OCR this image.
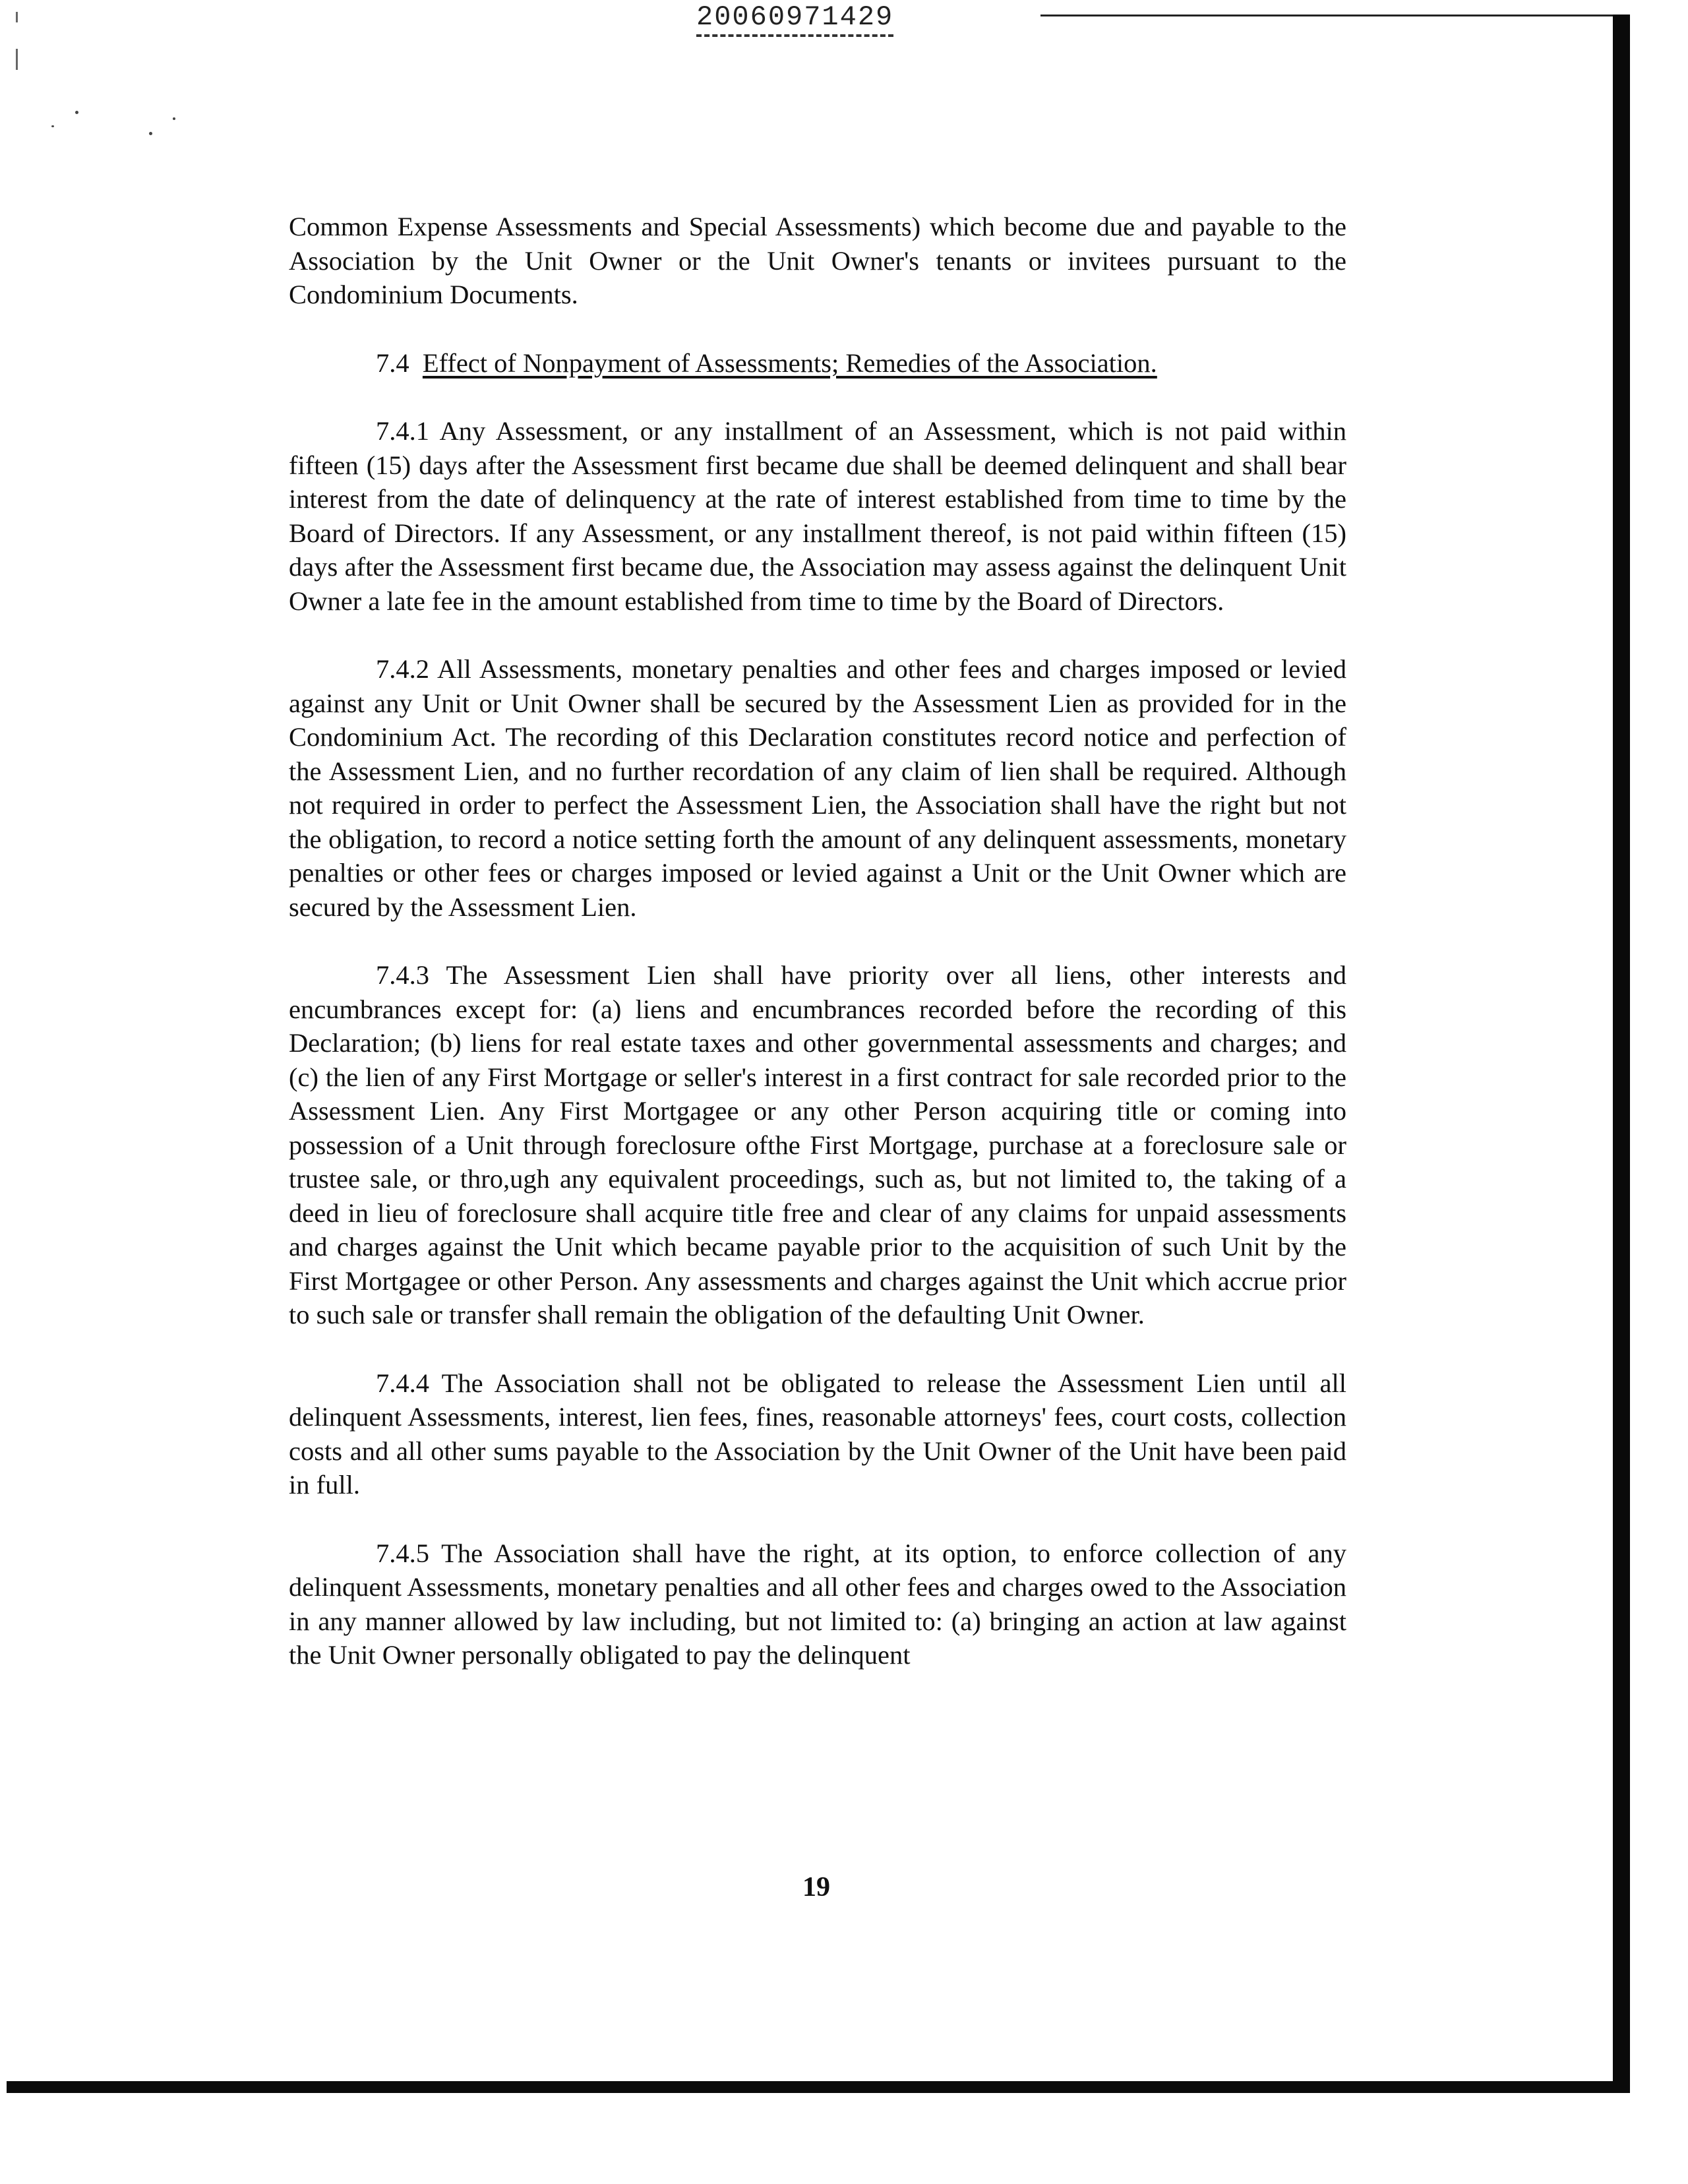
20060971429

Common Expense Assessments and Special Assessments) which become due and payable to the Association by the Unit Owner or the Unit Owner's tenants or invitees pursuant to the Condominium Documents.

7.4 Effect of Nonpayment of Assessments; Remedies of the Association.

7.4.1 Any Assessment, or any installment of an Assessment, which is not paid within fifteen (15) days after the Assessment first became due shall be deemed delinquent and shall bear interest from the date of delinquency at the rate of interest established from time to time by the Board of Directors. If any Assessment, or any installment thereof, is not paid within fifteen (15) days after the Assessment first became due, the Association may assess against the delinquent Unit Owner a late fee in the amount established from time to time by the Board of Directors.

7.4.2 All Assessments, monetary penalties and other fees and charges imposed or levied against any Unit or Unit Owner shall be secured by the Assessment Lien as provided for in the Condominium Act. The recording of this Declaration constitutes record notice and perfection of the Assessment Lien, and no further recordation of any claim of lien shall be required. Although not required in order to perfect the Assessment Lien, the Association shall have the right but not the obligation, to record a notice setting forth the amount of any delinquent assessments, monetary penalties or other fees or charges imposed or levied against a Unit or the Unit Owner which are secured by the Assessment Lien.

7.4.3 The Assessment Lien shall have priority over all liens, other interests and encumbrances except for: (a) liens and encumbrances recorded before the recording of this Declaration; (b) liens for real estate taxes and other governmental assessments and charges; and (c) the lien of any First Mortgage or seller's interest in a first contract for sale recorded prior to the Assessment Lien. Any First Mortgagee or any other Person acquiring title or coming into possession of a Unit through foreclosure ofthe First Mortgage, purchase at a foreclosure sale or trustee sale, or thro,ugh any equivalent proceedings, such as, but not limited to, the taking of a deed in lieu of foreclosure shall acquire title free and clear of any claims for unpaid assessments and charges against the Unit which became payable prior to the acquisition of such Unit by the First Mortgagee or other Person. Any assessments and charges against the Unit which accrue prior to such sale or transfer shall remain the obligation of the defaulting Unit Owner.

7.4.4 The Association shall not be obligated to release the Assessment Lien until all delinquent Assessments, interest, lien fees, fines, reasonable attorneys' fees, court costs, collection costs and all other sums payable to the Association by the Unit Owner of the Unit have been paid in full.

7.4.5 The Association shall have the right, at its option, to enforce collection of any delinquent Assessments, monetary penalties and all other fees and charges owed to the Association in any manner allowed by law including, but not limited to: (a) bringing an action at law against the Unit Owner personally obligated to pay the delinquent

19
